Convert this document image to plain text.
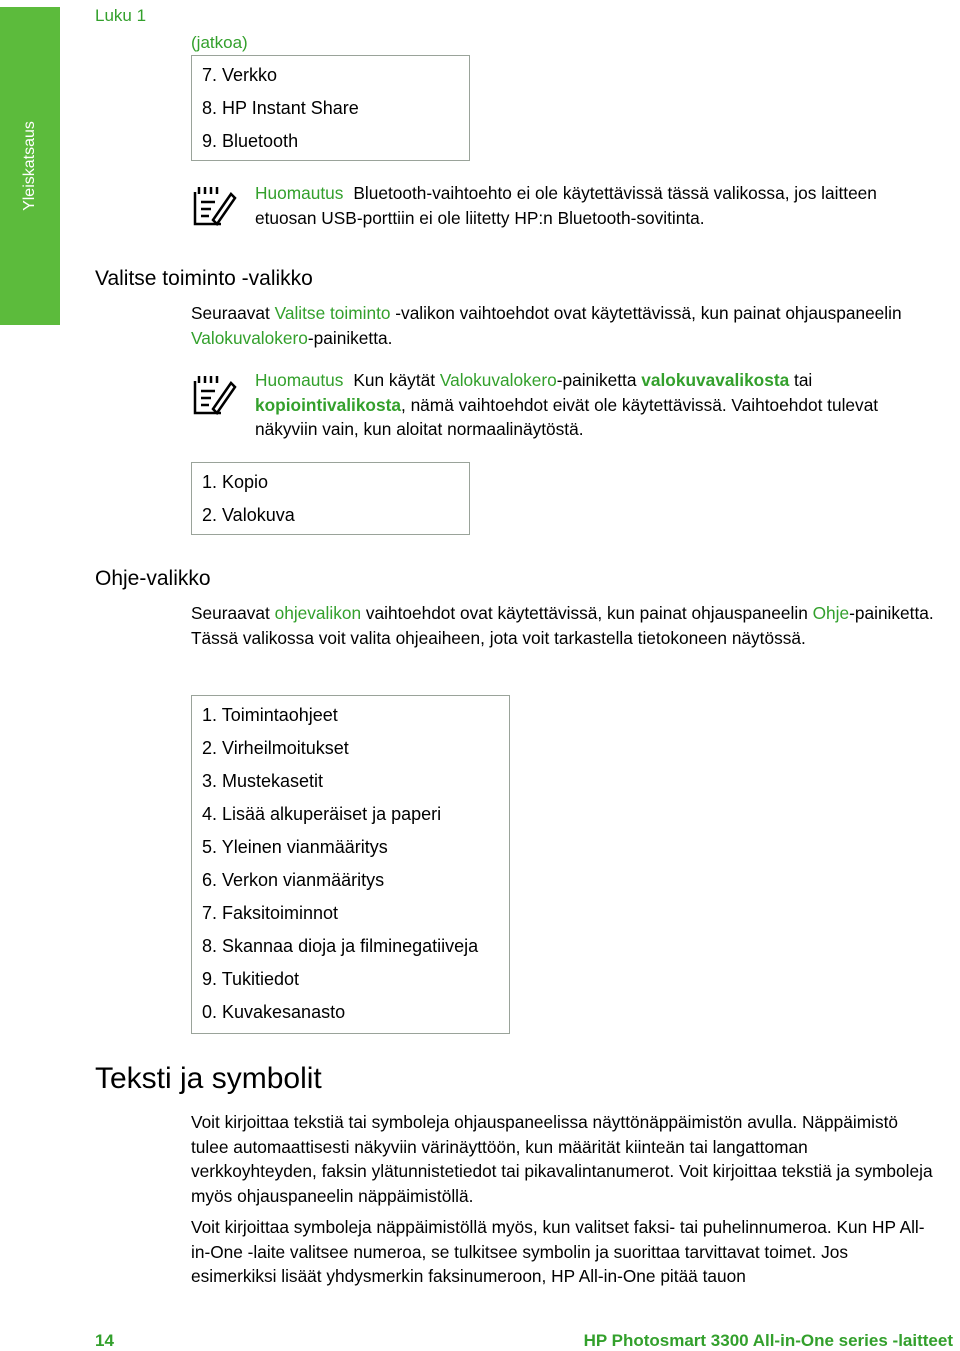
Yleiskatsaus
Luku 1
(jatkoa)
7. Verkko
8. HP Instant Share
9. Bluetooth
Huomautus Bluetooth-vaihtoehto ei ole käytettävissä tässä valikossa, jos laitteen etuosan USB-porttiin ei ole liitetty HP:n Bluetooth-sovitinta.
Valitse toiminto -valikko
Seuraavat Valitse toiminto -valikon vaihtoehdot ovat käytettävissä, kun painat ohjauspaneelin Valokuvalokero-painiketta.
Huomautus Kun käytät Valokuvalokero-painiketta valokuvavalikosta tai kopiointivalikosta, nämä vaihtoehdot eivät ole käytettävissä. Vaihtoehdot tulevat näkyviin vain, kun aloitat normaalinäytöstä.
1. Kopio
2. Valokuva
Ohje-valikko
Seuraavat ohjevalikon vaihtoehdot ovat käytettävissä, kun painat ohjauspaneelin Ohje-painiketta. Tässä valikossa voit valita ohjeaiheen, jota voit tarkastella tietokoneen näytössä.
1. Toimintaohjeet
2. Virheilmoitukset
3. Mustekasetit
4. Lisää alkuperäiset ja paperi
5. Yleinen vianmääritys
6. Verkon vianmääritys
7. Faksitoiminnot
8. Skannaa dioja ja filminegatiiveja
9. Tukitiedot
0. Kuvakesanasto
Teksti ja symbolit
Voit kirjoittaa tekstiä tai symboleja ohjauspaneelissa näyttönäppäimistön avulla. Näppäimistö tulee automaattisesti näkyviin värinäyttöön, kun määrität kiinteän tai langattoman verkkoyhteyden, faksin ylätunnistetiedot tai pikavalintanumerot. Voit kirjoittaa tekstiä ja symboleja myös ohjauspaneelin näppäimistöllä.
Voit kirjoittaa symboleja näppäimistöllä myös, kun valitset faksi- tai puhelinnumeroa. Kun HP All-in-One -laite valitsee numeroa, se tulkitsee symbolin ja suorittaa tarvittavat toimet. Jos esimerkiksi lisäät yhdysmerkin faksinumeroon, HP All-in-One pitää tauon
14	HP Photosmart 3300 All-in-One series -laitteet
